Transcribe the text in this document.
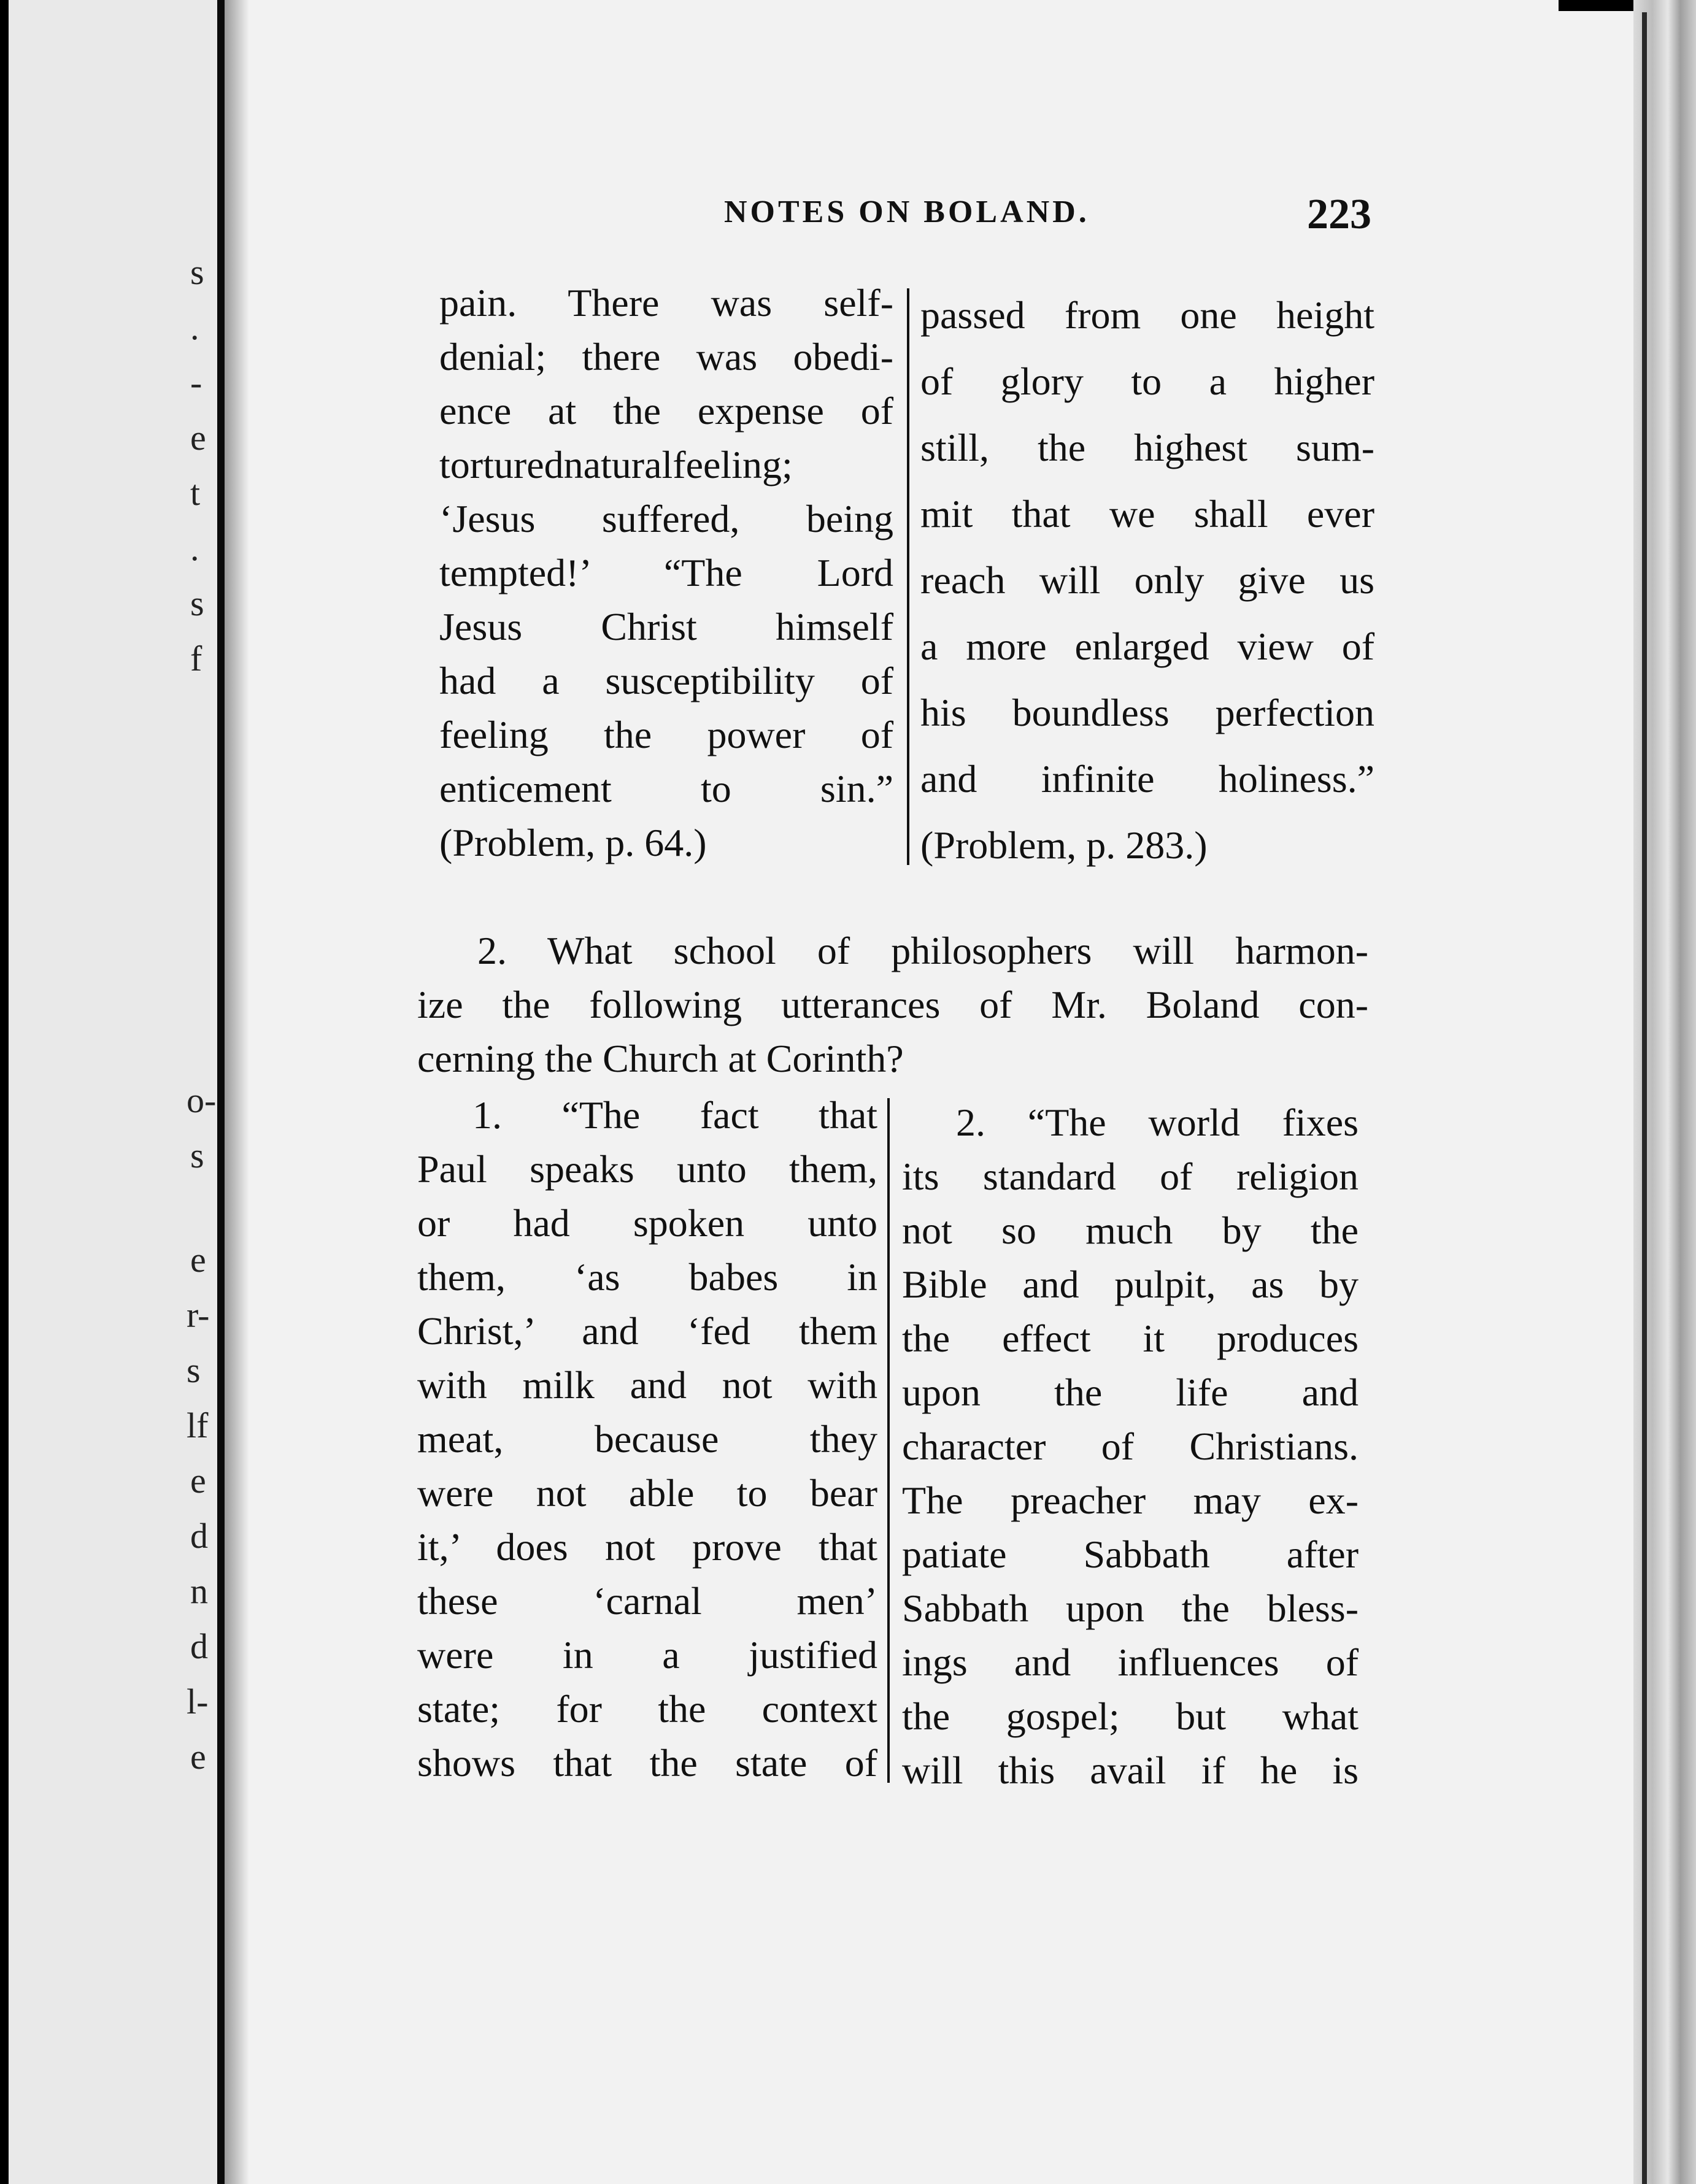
s
.
-
e
t
.
s
f
o-
s
e
r-
s
lf
e
d
n
d
l-
e
NOTES ON BOLAND.	223
pain. There was self-
denial; there was obedi-
ence at the expense of
torturednaturalfeeling;
‘Jesus suffered, being
tempted!’ “The Lord
Jesus Christ himself
had a susceptibility of
feeling the power of
enticement to sin.”
(Problem, p. 64.)
passed from one height
of glory to a higher
still, the highest sum-
mit that we shall ever
reach will only give us
a more enlarged view of
his boundless perfection
and infinite holiness.”
(Problem, p. 283.)
2. What school of philosophers will harmon-
ize the following utterances of Mr. Boland con-
cerning the Church at Corinth?
1. “The fact that
Paul speaks unto them,
or had spoken unto
them, ‘as babes in
Christ,’ and ‘fed them
with milk and not with
meat, because they
were not able to bear
it,’ does not prove that
these ‘carnal men’
were in a justified
state; for the context
shows that the state of
2. “The world fixes
its standard of religion
not so much by the
Bible and pulpit, as by
the effect it produces
upon the life and
character of Christians.
The preacher may ex-
patiate Sabbath after
Sabbath upon the bless-
ings and influences of
the gospel; but what
will this avail if he is
